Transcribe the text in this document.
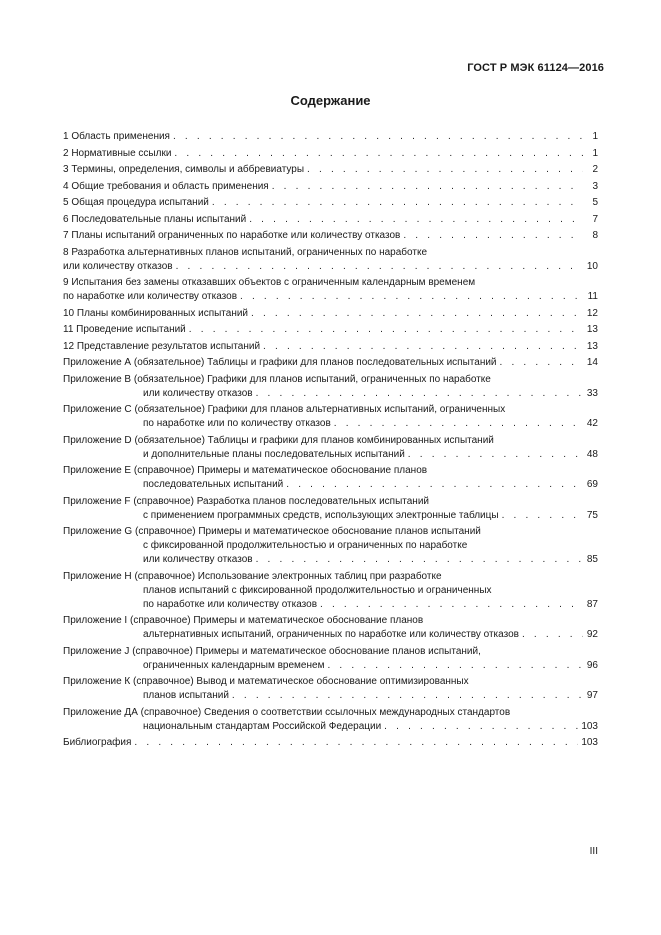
ГОСТ Р МЭК 61124—2016
Содержание
1 Область применения . . .	1
2 Нормативные ссылки . . .	1
3 Термины, определения, символы и аббревиатуры . . .	2
4 Общие требования и область применения . . .	3
5 Общая процедура испытаний . . .	5
6 Последовательные планы испытаний . . .	7
7 Планы испытаний ограниченных по наработке или количеству отказов . . .	8
8 Разработка альтернативных планов испытаний, ограниченных по наработке
или количеству отказов . . .	10
9 Испытания без замены отказавших объектов с ограниченным календарным временем
по наработке или количеству отказов . . .	11
10 Планы комбинированных испытаний . . .	12
11 Проведение испытаний . . .	13
12 Представление результатов испытаний . . .	13
Приложение А (обязательное) Таблицы и графики для планов последовательных испытаний . . .	14
Приложение В (обязательное) Графики для планов испытаний, ограниченных по наработке
или количеству отказов . . .	33
Приложение С (обязательное) Графики для планов альтернативных испытаний, ограниченных
по наработке или по количеству отказов . . .	42
Приложение D (обязательное) Таблицы и графики для планов комбинированных испытаний
и дополнительные планы последовательных испытаний . . .	48
Приложение Е (справочное) Примеры и математическое обоснование планов
последовательных испытаний . . .	69
Приложение F (справочное) Разработка планов последовательных испытаний
с применением программных средств, использующих электронные таблицы . . .	75
Приложение G (справочное) Примеры и математическое обоснование планов испытаний
с фиксированной продолжительностью и ограниченных по наработке
или количеству отказов . . .	85
Приложение Н (справочное) Использование электронных таблиц при разработке
планов испытаний с фиксированной продолжительностью и ограниченных
по наработке или количеству отказов . . .	87
Приложение I (справочное) Примеры и математическое обоснование планов
альтернативных испытаний, ограниченных по наработке или количеству отказов . . .	92
Приложение J (справочное) Примеры и математическое обоснование планов испытаний,
ограниченных календарным временем . . .	96
Приложение К (справочное) Вывод и математическое обоснование оптимизированных
планов испытаний . . .	97
Приложение ДА (справочное) Сведения о соответствии ссылочных международных стандартов
национальным стандартам Российской Федерации . . .	103
Библиография . . .	103
III
